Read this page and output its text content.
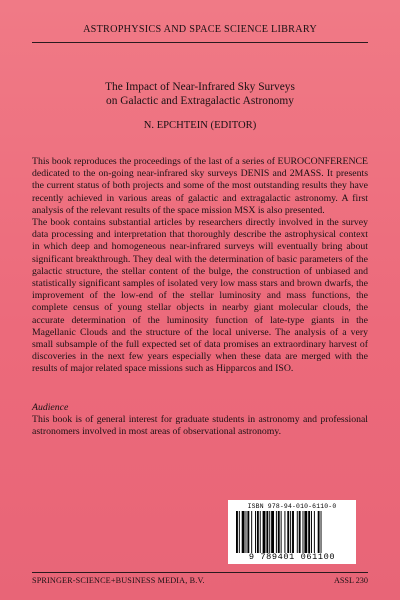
ASTROPHYSICS AND SPACE SCIENCE LIBRARY
The Impact of Near-Infrared Sky Surveys
on Galactic and Extragalactic Astronomy
N. EPCHTEIN (EDITOR)

This book reproduces the proceedings of the last of a series of EUROCONFERENCE dedicated to the on-going near-infrared sky surveys DENIS and 2MASS. It presents the current status of both projects and some of the most outstanding results they have recently achieved in various areas of galactic and extragalactic astronomy. A first analysis of the relevant results of the space mission MSX is also presented.

The book contains substantial articles by researchers directly involved in the survey data processing and interpretation that thoroughly describe the astrophysical context in which deep and homogeneous near-infrared surveys will eventually bring about significant breakthrough. They deal with the determination of basic parameters of the galactic structure, the stellar content of the bulge, the construction of unbiased and statistically significant samples of isolated very low mass stars and brown dwarfs, the improvement of the low-end of the stellar luminosity and mass functions, the complete census of young stellar objects in nearby giant molecular clouds, the accurate determination of the luminosity function of late-type giants in the Magellanic Clouds and the structure of the local universe. The analysis of a very small subsample of the full expected set of data promises an extraordinary harvest of discoveries in the next few years especially when these data are merged with the results of major related space missions such as Hipparcos and ISO.

Audience

This book is of general interest for graduate students in astronomy and professional astronomers involved in most areas of observational astronomy.

ISBN 978-94-010-6110-0
9 789401 061100
SPRINGER-SCIENCE+BUSINESS MEDIA, B.V.	ASSL 230
